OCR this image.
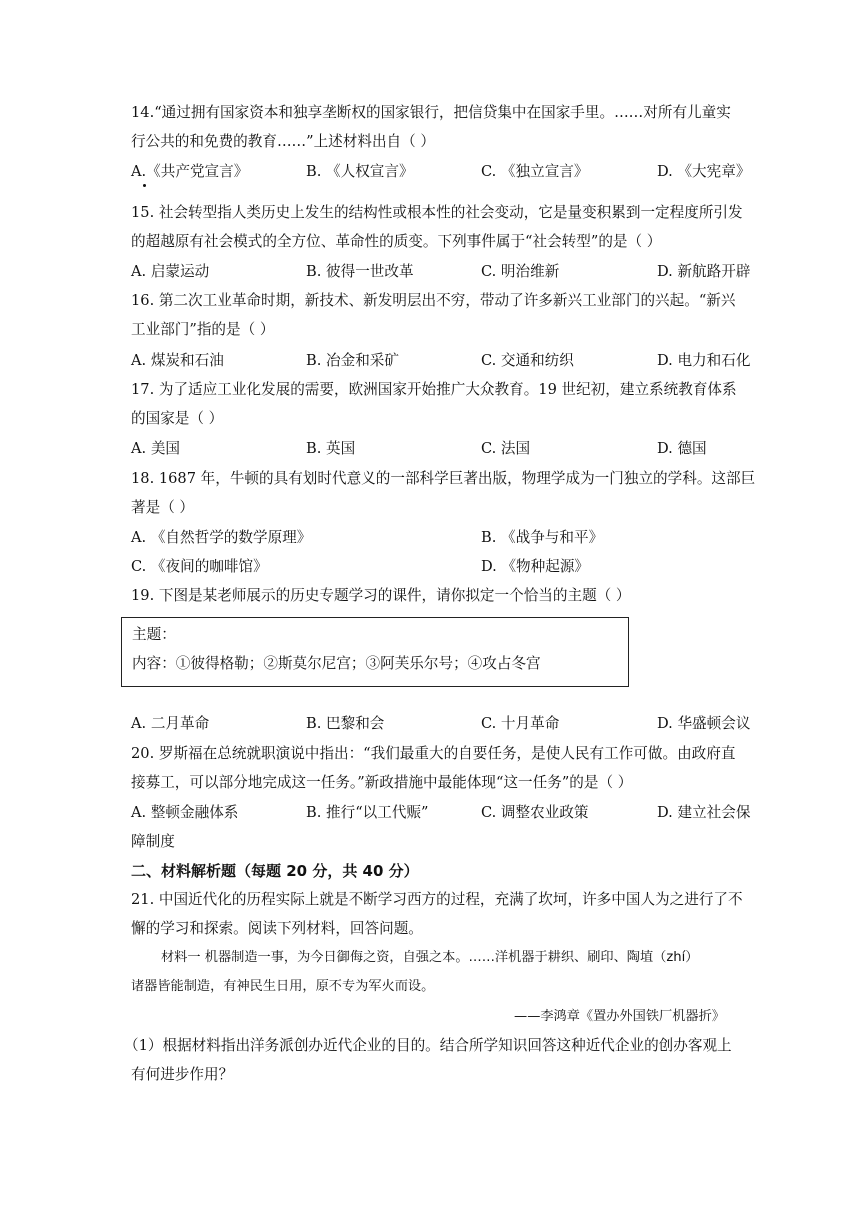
14.“通过拥有国家资本和独享垄断权的国家银行，把信贷集中在国家手里。……对所有儿童实
行公共的和免费的教育……”上述材料出自（ ）
A.《共产党宣言》	B. 《人权宣言》	C. 《独立宣言》	D. 《大宪章》
15. 社会转型指人类历史上发生的结构性或根本性的社会变动，它是量变积累到一定程度所引发
的超越原有社会模式的全方位、革命性的质变。下列事件属于“社会转型”的是（ ）
A. 启蒙运动	B. 彼得一世改革	C. 明治维新	D. 新航路开辟
16. 第二次工业革命时期，新技术、新发明层出不穷，带动了许多新兴工业部门的兴起。“新兴
工业部门”指的是（ ）
A. 煤炭和石油	B. 冶金和采矿	C. 交通和纺织	D. 电力和石化
17. 为了适应工业化发展的需要，欧洲国家开始推广大众教育。19 世纪初，建立系统教育体系
的国家是（ ）
A. 美国	B. 英国	C. 法国	D. 德国
18. 1687 年，牛顿的具有划时代意义的一部科学巨著出版，物理学成为一门独立的学科。这部巨
著是（ ）
A. 《自然哲学的数学原理》	B. 《战争与和平》
C. 《夜间的咖啡馆》	D. 《物种起源》
19. 下图是某老师展示的历史专题学习的课件，请你拟定一个恰当的主题（ ）
主题：
内容：①彼得格勒；②斯莫尔尼宫；③阿芙乐尔号；④攻占冬宫
A. 二月革命	B. 巴黎和会	C. 十月革命	D. 华盛顿会议
20. 罗斯福在总统就职演说中指出：“我们最重大的自要任务，是使人民有工作可做。由政府直
接募工，可以部分地完成这一任务。”新政措施中最能体现“这一任务”的是（ ）
A. 整顿金融体系	B. 推行“以工代赈”	C. 调整农业政策	D. 建立社会保
障制度
二、材料解析题（每题 20 分，共 40 分）
21. 中国近代化的历程实际上就是不断学习西方的过程，充满了坎坷，许多中国人为之进行了不
懈的学习和探索。阅读下列材料，回答问题。
材料一 机器制造一事，为今日御侮之资，自强之本。……洋机器于耕织、刷印、陶埴（zhí）
诸器皆能制造，有神民生日用，原不专为军火而设。
——李鸿章《置办外国铁厂机器折》
（1）根据材料指出洋务派创办近代企业的目的。结合所学知识回答这种近代企业的创办客观上
有何进步作用？
